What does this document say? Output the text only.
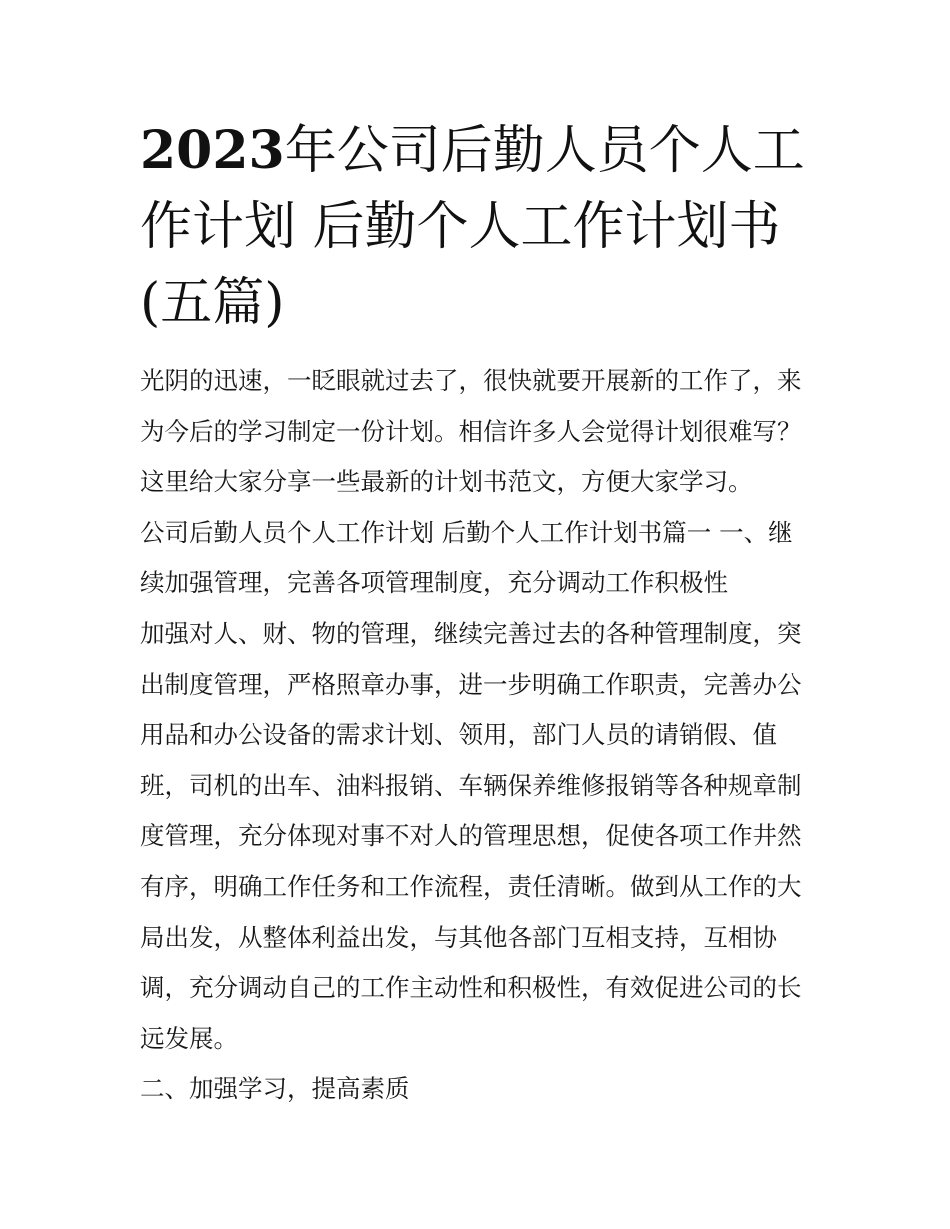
2023年公司后勤人员个人工作计划 后勤个人工作计划书(五篇)

光阴的迅速，一眨眼就过去了，很快就要开展新的工作了，来
为今后的学习制定一份计划。相信许多人会觉得计划很难写？
这里给大家分享一些最新的计划书范文，方便大家学习。

公司后勤人员个人工作计划 后勤个人工作计划书篇一 一、继
续加强管理，完善各项管理制度，充分调动工作积极性

加强对人、财、物的管理，继续完善过去的各种管理制度，突
出制度管理，严格照章办事，进一步明确工作职责，完善办公
用品和办公设备的需求计划、领用，部门人员的请销假、值
班，司机的出车、油料报销、车辆保养维修报销等各种规章制
度管理，充分体现对事不对人的管理思想，促使各项工作井然
有序，明确工作任务和工作流程，责任清晰。做到从工作的大
局出发，从整体利益出发，与其他各部门互相支持，互相协
调，充分调动自己的工作主动性和积极性，有效促进公司的长
远发展。

二、加强学习，提高素质
